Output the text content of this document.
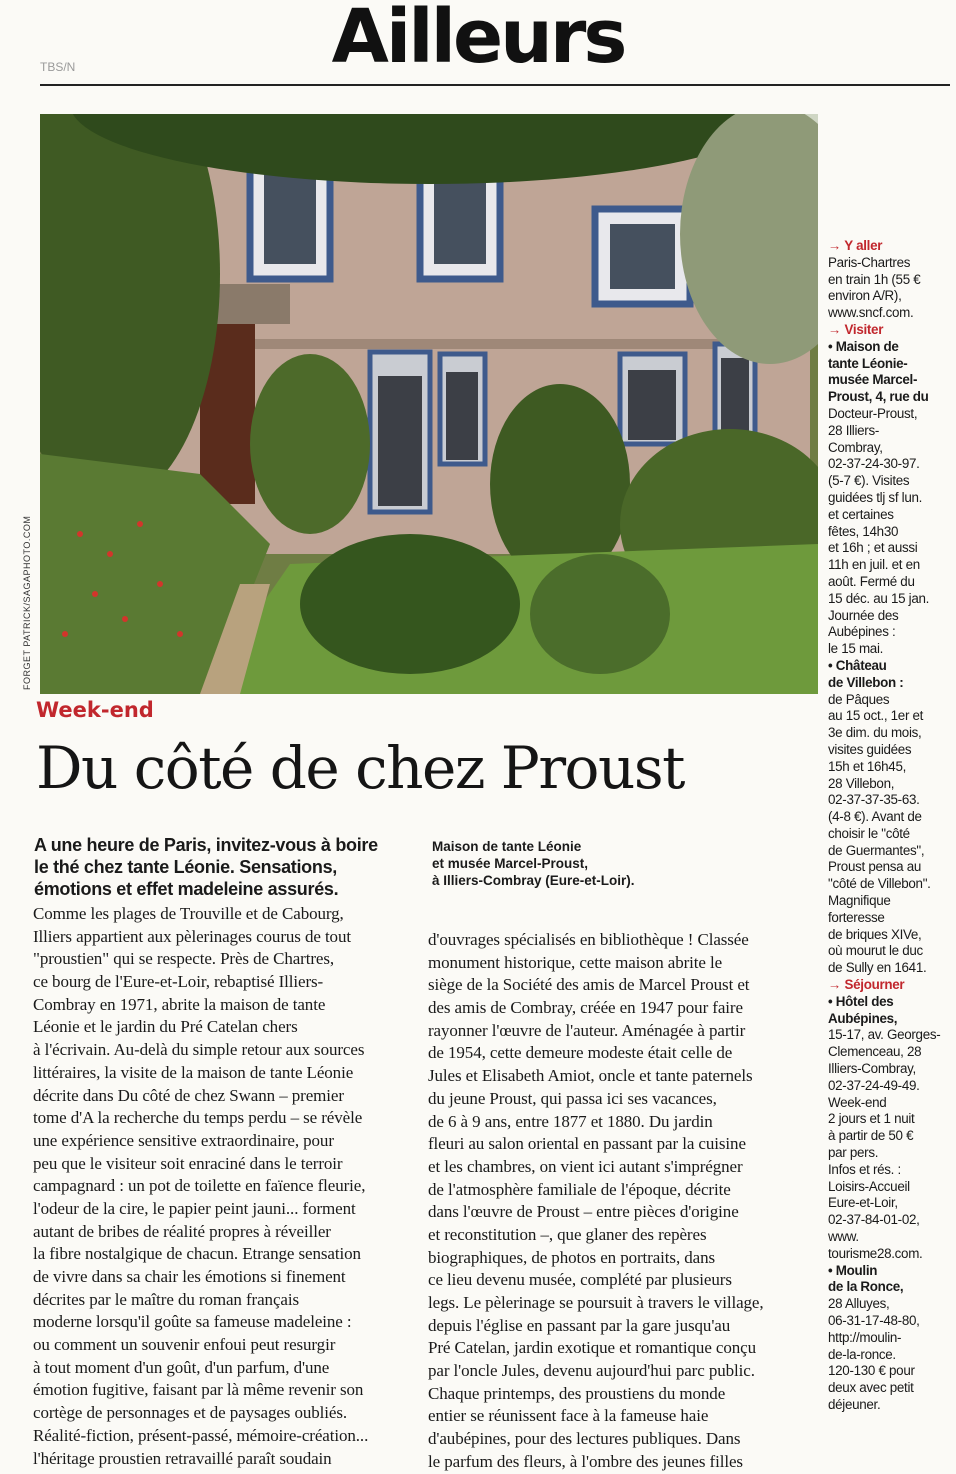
TBS/N	Ailleurs
FORGET PATRICK/SAGAPHOTO.COM
Week-end
Du côté de chez Proust
A une heure de Paris, invitez-vous à boire
le thé chez tante Léonie. Sensations,
émotions et effet madeleine assurés.
Maison de tante Léonie
et musée Marcel-Proust,
à Illiers-Combray (Eure-et-Loir).
Comme les plages de Trouville et de Cabourg,
Illiers appartient aux pèlerinages courus de tout
"proustien" qui se respecte. Près de Chartres,
ce bourg de l'Eure-et-Loir, rebaptisé Illiers-
Combray en 1971, abrite la maison de tante
Léonie et le jardin du Pré Catelan chers
à l'écrivain. Au-delà du simple retour aux sources
littéraires, la visite de la maison de tante Léonie
décrite dans Du côté de chez Swann – premier
tome d'A la recherche du temps perdu – se révèle
une expérience sensitive extraordinaire, pour
peu que le visiteur soit enraciné dans le terroir
campagnard : un pot de toilette en faïence fleurie,
l'odeur de la cire, le papier peint jauni... forment
autant de bribes de réalité propres à réveiller
la fibre nostalgique de chacun. Etrange sensation
de vivre dans sa chair les émotions si finement
décrites par le maître du roman français
moderne lorsqu'il goûte sa fameuse madeleine :
ou comment un souvenir enfoui peut resurgir
à tout moment d'un goût, d'un parfum, d'une
émotion fugitive, faisant par là même revenir son
cortège de personnages et de paysages oubliés.
Réalité-fiction, présent-passé, mémoire-création...
l'héritage proustien retravaillé paraît soudain
d'ouvrages spécialisés en bibliothèque ! Classée
monument historique, cette maison abrite le
siège de la Société des amis de Marcel Proust et
des amis de Combray, créée en 1947 pour faire
rayonner l'œuvre de l'auteur. Aménagée à partir
de 1954, cette demeure modeste était celle de
Jules et Elisabeth Amiot, oncle et tante paternels
du jeune Proust, qui passa ici ses vacances,
de 6 à 9 ans, entre 1877 et 1880. Du jardin
fleuri au salon oriental en passant par la cuisine
et les chambres, on vient ici autant s'imprégner
de l'atmosphère familiale de l'époque, décrite
dans l'œuvre de Proust – entre pièces d'origine
et reconstitution –, que glaner des repères
biographiques, de photos en portraits, dans
ce lieu devenu musée, complété par plusieurs
legs. Le pèlerinage se poursuit à travers le village,
depuis l'église en passant par la gare jusqu'au
Pré Catelan, jardin exotique et romantique conçu
par l'oncle Jules, devenu aujourd'hui parc public.
Chaque printemps, des proustiens du monde
entier se réunissent face à la fameuse haie
d'aubépines, pour des lectures publiques. Dans
le parfum des fleurs, à l'ombre des jeunes filles
→ Y aller
Paris-Chartres
en train 1h (55 €
environ A/R),
www.sncf.com.
→ Visiter
• Maison de
tante Léonie-
musée Marcel-
Proust, 4, rue du
Docteur-Proust,
28 Illiers-
Combray,
02-37-24-30-97.
(5-7 €). Visites
guidées tlj sf lun.
et certaines
fêtes, 14h30
et 16h ; et aussi
11h en juil. et en
août. Fermé du
15 déc. au 15 jan.
Journée des
Aubépines :
le 15 mai.
• Château
de Villebon :
de Pâques
au 15 oct., 1er et
3e dim. du mois,
visites guidées
15h et 16h45,
28 Villebon,
02-37-37-35-63.
(4-8 €). Avant de
choisir le "côté
de Guermantes",
Proust pensa au
"côté de Villebon".
Magnifique
forteresse
de briques XIVe,
où mourut le duc
de Sully en 1641.
→ Séjourner
• Hôtel des
Aubépines,
15-17, av. Georges-
Clemenceau, 28
Illiers-Combray,
02-37-24-49-49.
Week-end
2 jours et 1 nuit
à partir de 50 €
par pers.
Infos et rés. :
Loisirs-Accueil
Eure-et-Loir,
02-37-84-01-02,
www.
tourisme28.com.
• Moulin
de la Ronce,
28 Alluyes,
06-31-17-48-80,
http://moulin-
de-la-ronce.
120-130 € pour
deux avec petit
déjeuner.
